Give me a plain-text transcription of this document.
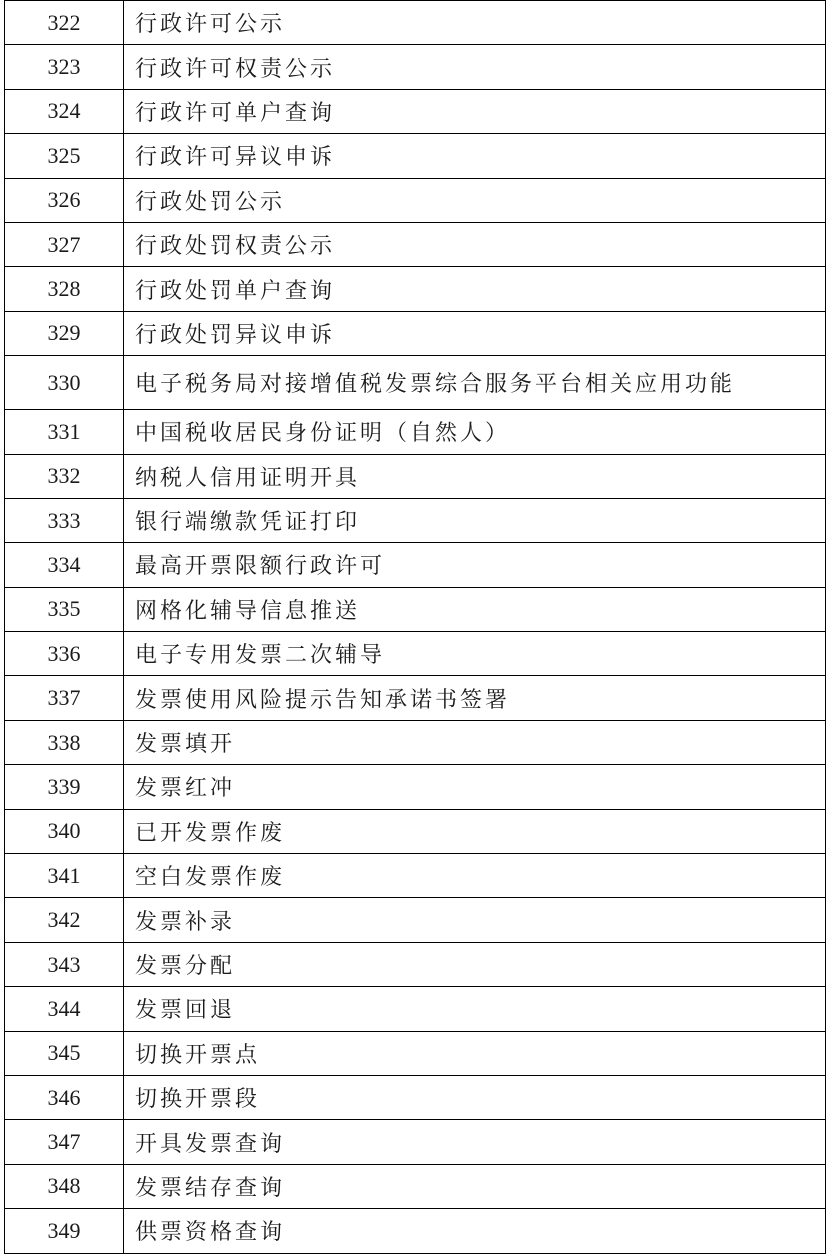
322	行政许可公示
323	行政许可权责公示
324	行政许可单户查询
325	行政许可异议申诉
326	行政处罚公示
327	行政处罚权责公示
328	行政处罚单户查询
329	行政处罚异议申诉
330	电子税务局对接增值税发票综合服务平台相关应用功能
331	中国税收居民身份证明（自然人）
332	纳税人信用证明开具
333	银行端缴款凭证打印
334	最高开票限额行政许可
335	网格化辅导信息推送
336	电子专用发票二次辅导
337	发票使用风险提示告知承诺书签署
338	发票填开
339	发票红冲
340	已开发票作废
341	空白发票作废
342	发票补录
343	发票分配
344	发票回退
345	切换开票点
346	切换开票段
347	开具发票查询
348	发票结存查询
349	供票资格查询
